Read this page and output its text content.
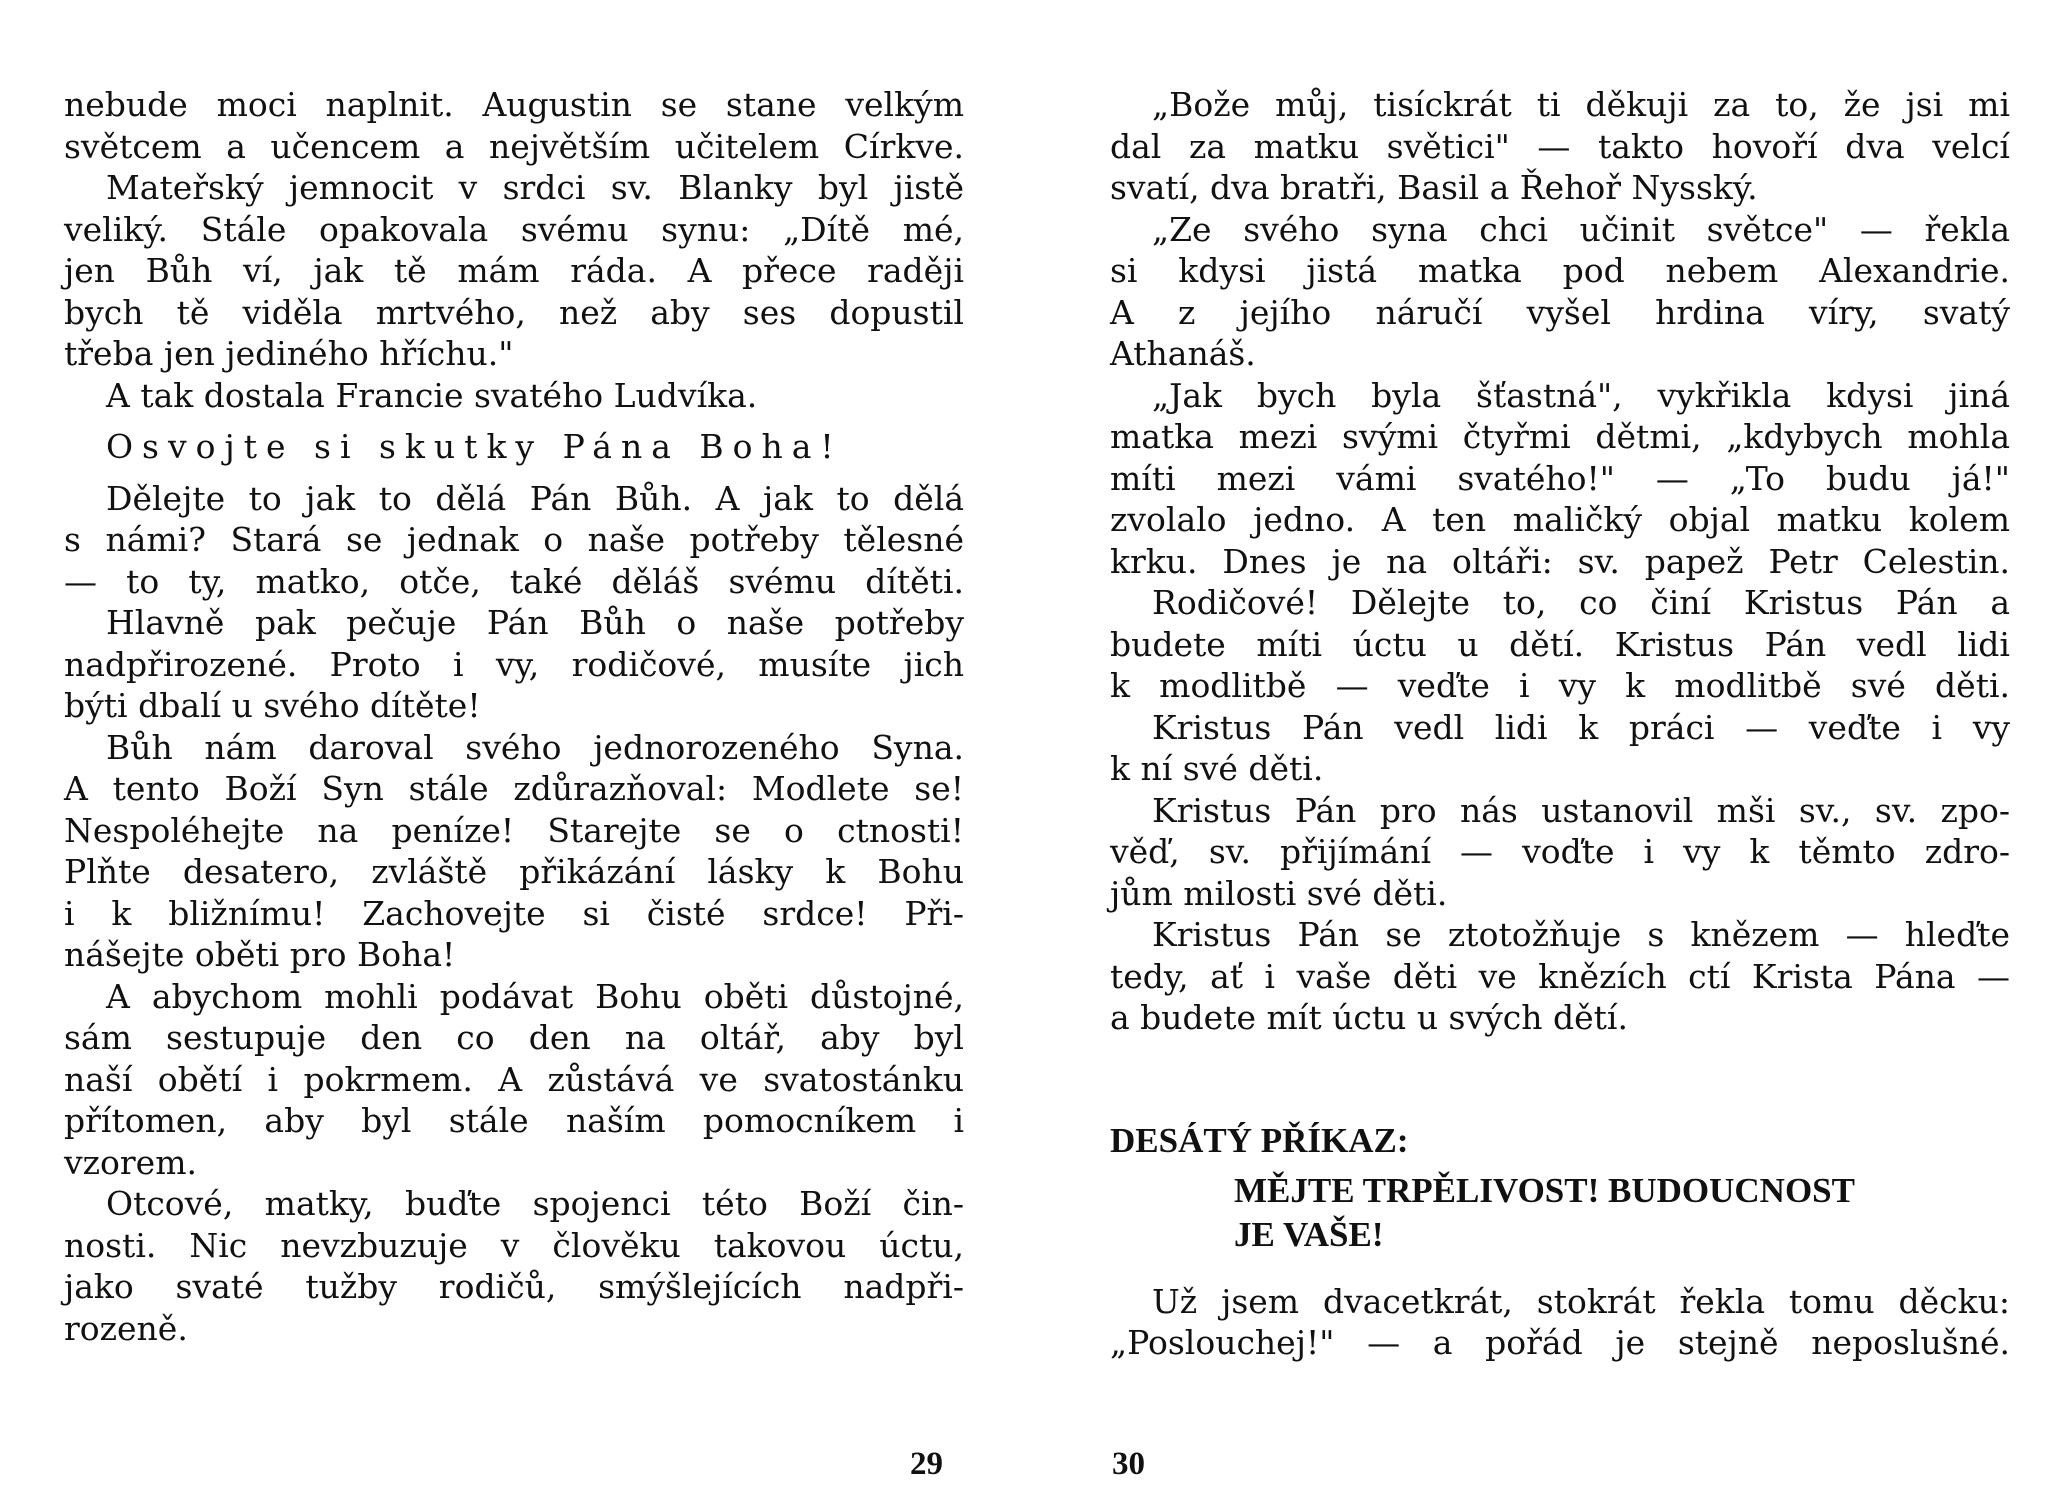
nebude moci naplnit. Augustin se stane velkým
světcem a učencem a největším učitelem Církve.
Mateřský jemnocit v srdci sv. Blanky byl jistě
veliký. Stále opakovala svému synu: „Dítě mé,
jen Bůh ví, jak tě mám ráda. A přece raději
bych tě viděla mrtvého, než aby ses dopustil
třeba jen jediného hříchu."
A tak dostala Francie svatého Ludvíka.
Osvojte si skutky Pána Boha!
Dělejte to jak to dělá Pán Bůh. A jak to dělá
s námi? Stará se jednak o naše potřeby tělesné
— to ty, matko, otče, také děláš svému dítěti.
Hlavně pak pečuje Pán Bůh o naše potřeby
nadpřirozené. Proto i vy, rodičové, musíte jich
býti dbalí u svého dítěte!
Bůh nám daroval svého jednorozeného Syna.
A tento Boží Syn stále zdůrazňoval: Modlete se!
Nespoléhejte na peníze! Starejte se o ctnosti!
Plňte desatero, zvláště přikázání lásky k Bohu
i k bližnímu! Zachovejte si čisté srdce! Při-
nášejte oběti pro Boha!
A abychom mohli podávat Bohu oběti důstojné,
sám sestupuje den co den na oltář, aby byl
naší obětí i pokrmem. A zůstává ve svatostánku
přítomen, aby byl stále naším pomocníkem i
vzorem.
Otcové, matky, buďte spojenci této Boží čin-
nosti. Nic nevzbuzuje v člověku takovou úctu,
jako svaté tužby rodičů, smýšlejících nadpři-
rozeně.
„Bože můj, tisíckrát ti děkuji za to, že jsi mi
dal za matku světici" — takto hovoří dva velcí
svatí, dva bratři, Basil a Řehoř Nysský.
„Ze svého syna chci učinit světce" — řekla
si kdysi jistá matka pod nebem Alexandrie.
A z jejího náručí vyšel hrdina víry, svatý
Athanáš.
„Jak bych byla šťastná", vykřikla kdysi jiná
matka mezi svými čtyřmi dětmi, „kdybych mohla
míti mezi vámi svatého!" — „To budu já!"
zvolalo jedno. A ten maličký objal matku kolem
krku. Dnes je na oltáři: sv. papež Petr Celestin.
Rodičové! Dělejte to, co činí Kristus Pán a
budete míti úctu u dětí. Kristus Pán vedl lidi
k modlitbě — veďte i vy k modlitbě své děti.
Kristus Pán vedl lidi k práci — veďte i vy
k ní své děti.
Kristus Pán pro nás ustanovil mši sv., sv. zpo-
věď, sv. přijímání — voďte i vy k těmto zdro-
jům milosti své děti.
Kristus Pán se ztotožňuje s knězem — hleďte
tedy, ať i vaše děti ve knězích ctí Krista Pána —
a budete mít úctu u svých dětí.
DESÁTÝ PŘÍKAZ:
MĚJTE TRPĚLIVOST! BUDOUCNOST
JE VAŠE!
Už jsem dvacetkrát, stokrát řekla tomu děcku:
„Poslouchej!" — a pořád je stejně neposlušné.
29	30
